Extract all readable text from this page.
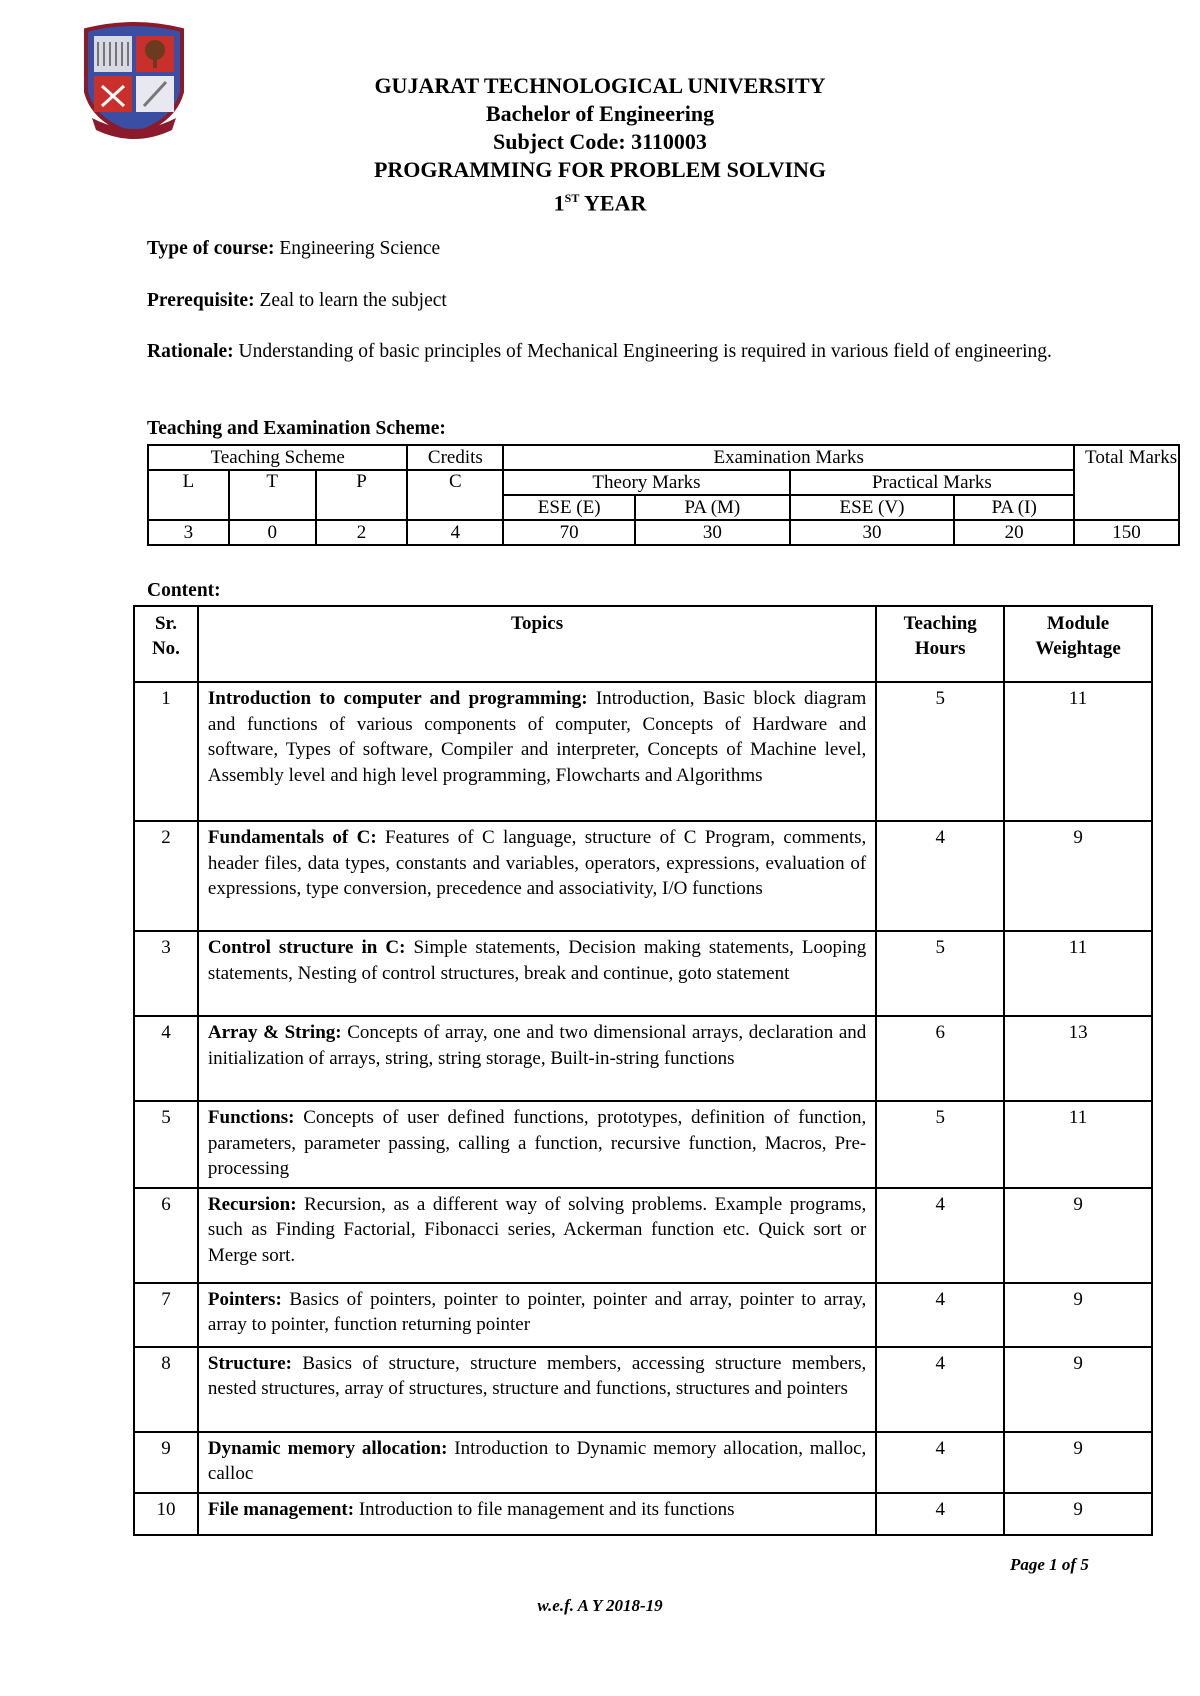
GUJARAT TECHNOLOGICAL UNIVERSITY
Bachelor of Engineering
Subject Code: 3110003
PROGRAMMING FOR PROBLEM SOLVING
1ST YEAR
Type of course: Engineering Science
Prerequisite: Zeal to learn the subject
Rationale: Understanding of basic principles of Mechanical Engineering is required in various field of engineering.
Teaching and Examination Scheme:
Teaching Scheme			Credits	Examination Marks				Total Marks
L	T	P	C	Theory Marks		Practical Marks		
				ESE (E)	PA (M)	ESE (V)	PA (I)	
3	0	2	4	70	30	30	20	150
Content:
Sr. No.	Topics	Teaching Hours	Module Weightage
1	Introduction to computer and programming: Introduction, Basic block diagram and functions of various components of computer, Concepts of Hardware and software, Types of software, Compiler and interpreter, Concepts of Machine level, Assembly level and high level programming, Flowcharts and Algorithms	5	11
2	Fundamentals of C: Features of C language, structure of C Program, comments, header files, data types, constants and variables, operators, expressions, evaluation of expressions, type conversion, precedence and associativity, I/O functions	4	9
3	Control structure in C: Simple statements, Decision making statements, Looping statements, Nesting of control structures, break and continue, goto statement	5	11
4	Array & String: Concepts of array, one and two dimensional arrays, declaration and initialization of arrays, string, string storage, Built-in-string functions	6	13
5	Functions: Concepts of user defined functions, prototypes, definition of function, parameters, parameter passing, calling a function, recursive function, Macros, Pre-processing	5	11
6	Recursion: Recursion, as a different way of solving problems. Example programs, such as Finding Factorial, Fibonacci series, Ackerman function etc. Quick sort or Merge sort.	4	9
7	Pointers: Basics of pointers, pointer to pointer, pointer and array, pointer to array, array to pointer, function returning pointer	4	9
8	Structure: Basics of structure, structure members, accessing structure members, nested structures, array of structures, structure and functions, structures and pointers	4	9
9	Dynamic memory allocation: Introduction to Dynamic memory allocation, malloc, calloc	4	9
10	File management: Introduction to file management and its functions	4	9
Page 1 of 5
w.e.f. A Y 2018-19
